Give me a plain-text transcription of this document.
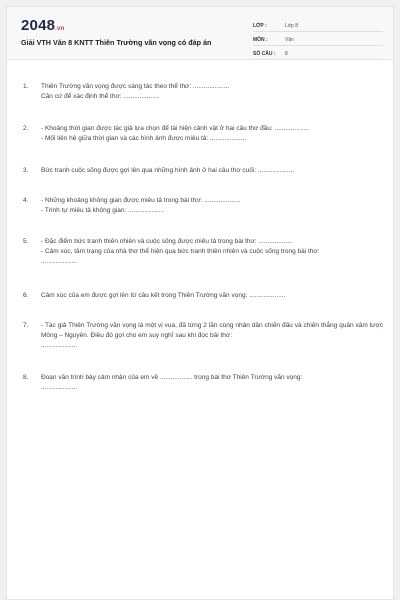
2048.vn
Giải VTH Văn 8 KNTT Thiên Trường vãn vọng có đáp án
LỚP :	Lớp 8
MÔN :	Văn
SỐ CÂU :	8
1. Thiên Trường vãn vọng được sáng tác theo thể thơ: ....................
Căn cứ để xác định thể thơ: ....................
2. - Khoảng thời gian được tác giả lựa chọn để tái hiện cảnh vật ở hai câu thơ đầu: ...................
- Mối liên hệ giữa thời gian và các hình ảnh được miêu tả: ....................
3. Bức tranh cuộc sống được gợi lên qua những hình ảnh ở hai câu thơ cuối: ....................
4. - Những khoảng không gian được miêu tả trong bài thơ: ....................
- Trình tự miêu tả không gian: ....................
5. - Đặc điểm bức tranh thiên nhiên và cuộc sống được miêu tả trong bài thơ: ...................
- Cảm xúc, tâm trạng của nhà thơ thể hiện qua bức tranh thiên nhiên và cuộc sống trong bài thơ:
....................
6. Cảm xúc của em được gợi lên từ câu kết trong Thiên Trường vãn vọng: ....................
7. - Tác giả Thiên Trường vãn vọng là một vị vua, đã từng 2 lần cùng nhân dân chiến đấu và chiến thắng quân xâm lược Mông – Nguyên. Điều đó gợi cho em suy nghĩ sau khi đọc bài thơ:
....................
8. Đoạn văn trình bày cảm nhận của em về .................. trong bài thơ Thiên Trường vãn vọng:
....................
